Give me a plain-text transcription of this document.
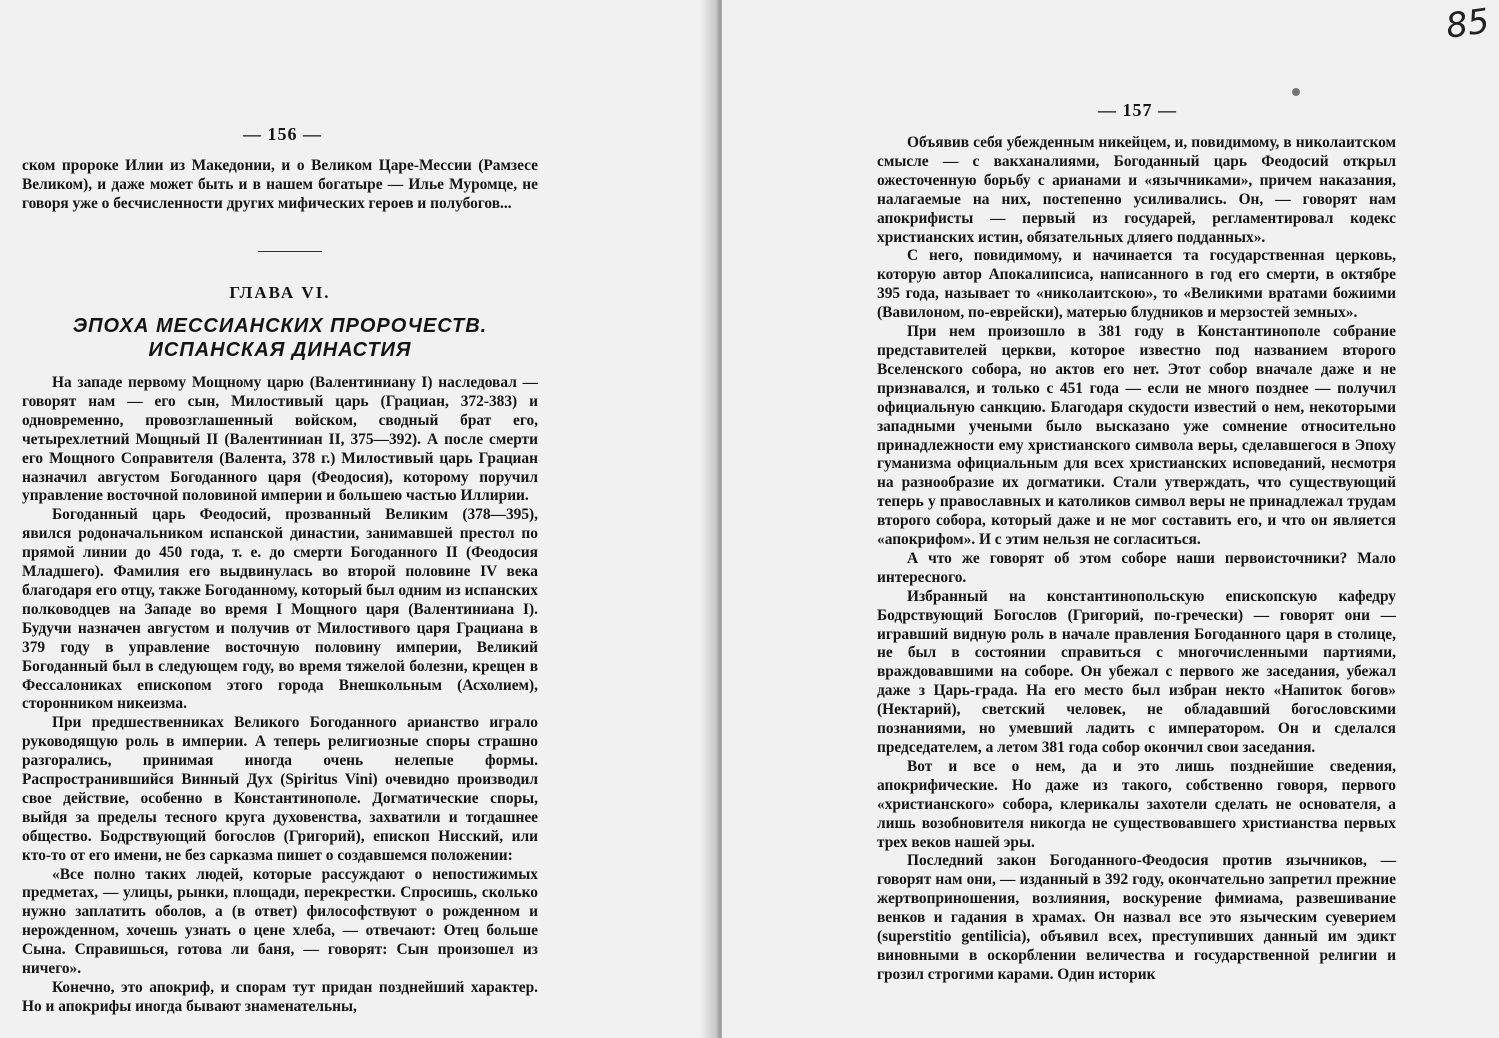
— 156 —

ском пророке Илии из Македонии, и о Великом Царе-Мессии (Рамзесе Великом), и даже может быть и в нашем богатыре — Илье Муромце, не говоря уже о бесчисленности других мифических героев и полубогов...

ГЛАВА VI.
ЭПОХА МЕССИАНСКИХ ПРОРОЧЕСТВ.
ИСПАНСКАЯ ДИНАСТИЯ

На западе первому Мощному царю (Валентиниану I) наследовал — говорят нам — его сын, Милостивый царь (Грациан, 372-383) и одновременно, провозглашенный войском, сводный брат его, четырехлетний Мощный II (Валентиниан II, 375—392). А после смерти его Мощного Соправителя (Валента, 378 г.) Милостивый царь Грациан назначил августом Богоданного царя (Феодосия), которому поручил управление восточной половиной империи и большею частью Иллирии.

Богоданный царь Феодосий, прозванный Великим (378—395), явился родоначальником испанской династии, занимавшей престол по прямой линии до 450 года, т. е. до смерти Богоданного II (Феодосия Младшего). Фамилия его выдвинулась во второй половине IV века благодаря его отцу, также Богоданному, который был одним из испанских полководцев на Западе во время I Мощного царя (Валентиниана I). Будучи назначен августом и получив от Милостивого царя Грациана в 379 году в управление восточную половину империи, Великий Богоданный был в следующем году, во время тяжелой болезни, крещен в Фессалониках епископом этого города Внешкольным (Асхолием), сторонником никеизма.

При предшественниках Великого Богоданного арианство играло руководящую роль в империи. А теперь религиозные споры страшно разгорались, принимая иногда очень нелепые формы. Распространившийся Винный Дух (Spiritus Vini) очевидно производил свое действие, особенно в Константинополе. Догматические споры, выйдя за пределы тесного круга духовенства, захватили и тогдашнее общество. Бодрствующий богослов (Григорий), епископ Нисский, или кто-то от его имени, не без сарказма пишет о создавшемся положении:

«Все полно таких людей, которые рассуждают о непостижимых предметах, — улицы, рынки, площади, перекрестки. Спросишь, сколько нужно заплатить оболов, а (в ответ) философствуют о рожденном и нерожденном, хочешь узнать о цене хлеба, — отвечают: Отец больше Сына. Справишься, готова ли баня, — говорят: Сын произошел из ничего».

Конечно, это апокриф, и спорам тут придан позднейший характер. Но и апокрифы иногда бывают знаменательны,

85
— 157 —

Объявив себя убежденным никейцем, и, повидимому, в николаитском смысле — с вакханалиями, Богоданный царь Феодосий открыл ожесточенную борьбу с арианами и «язычниками», причем наказания, налагаемые на них, постепенно усиливались. Он, — говорят нам апокрифисты — первый из государей, регламентировал кодекс христианских истин, обязательных дляего подданных».

С него, повидимому, и начинается та государственная церковь, которую автор Апокалипсиса, написанного в год его смерти, в октябре 395 года, называет то «николаитскою», то «Великими вратами божиими (Вавилоном, по-еврейски), матерью блудников и мерзостей земных».

При нем произошло в 381 году в Константинополе собрание представителей церкви, которое известно под названием второго Вселенского собора, но актов его нет. Этот собор вначале даже и не признавался, и только с 451 года — если не много позднее — получил официальную санкцию. Благодаря скудости известий о нем, некоторыми западными учеными было высказано уже сомнение относительно принадлежности ему христианского символа веры, сделавшегося в Эпоху гуманизма официальным для всех христианских исповеданий, несмотря на разнообразие их догматики. Стали утверждать, что существующий теперь у православных и католиков символ веры не принадлежал трудам второго собора, который даже и не мог составить его, и что он является «апокрифом». И с этим нельзя не согласиться.

А что же говорят об этом соборе наши первоисточники? Мало интересного.

Избранный на константинопольскую епископскую кафедру Бодрствующий Богослов (Григорий, по-гречески) — говорят они — игравший видную роль в начале правления Богоданного царя в столице, не был в состоянии справиться с многочисленными партиями, враждовавшими на соборе. Он убежал с первого же заседания, убежал даже з Царь-града. На его место был избран некто «Напиток богов» (Нектарий), светский человек, не обладавший богословскими познаниями, но умевший ладить с императором. Он и сделался председателем, а летом 381 года собор окончил свои заседания.

Вот и все о нем, да и это лишь позднейшие сведения, апокрифические. Но даже из такого, собственно говоря, первого «христианского» собора, клерикалы захотели сделать не основателя, а лишь возобновителя никогда не существовавшего христианства первых трех веков нашей эры.

Последний закон Богоданного-Феодосия против язычников, — говорят нам они, — изданный в 392 году, окончательно запретил прежние жертвоприношения, возлияния, воскурение фимиама, развешивание венков и гадания в храмах. Он назвал все это языческим суеверием (superstitio gentilicia), объявил всех, преступивших данный им эдикт виновными в оскорблении величества и государственной религии и грозил строгими карами. Один историк
